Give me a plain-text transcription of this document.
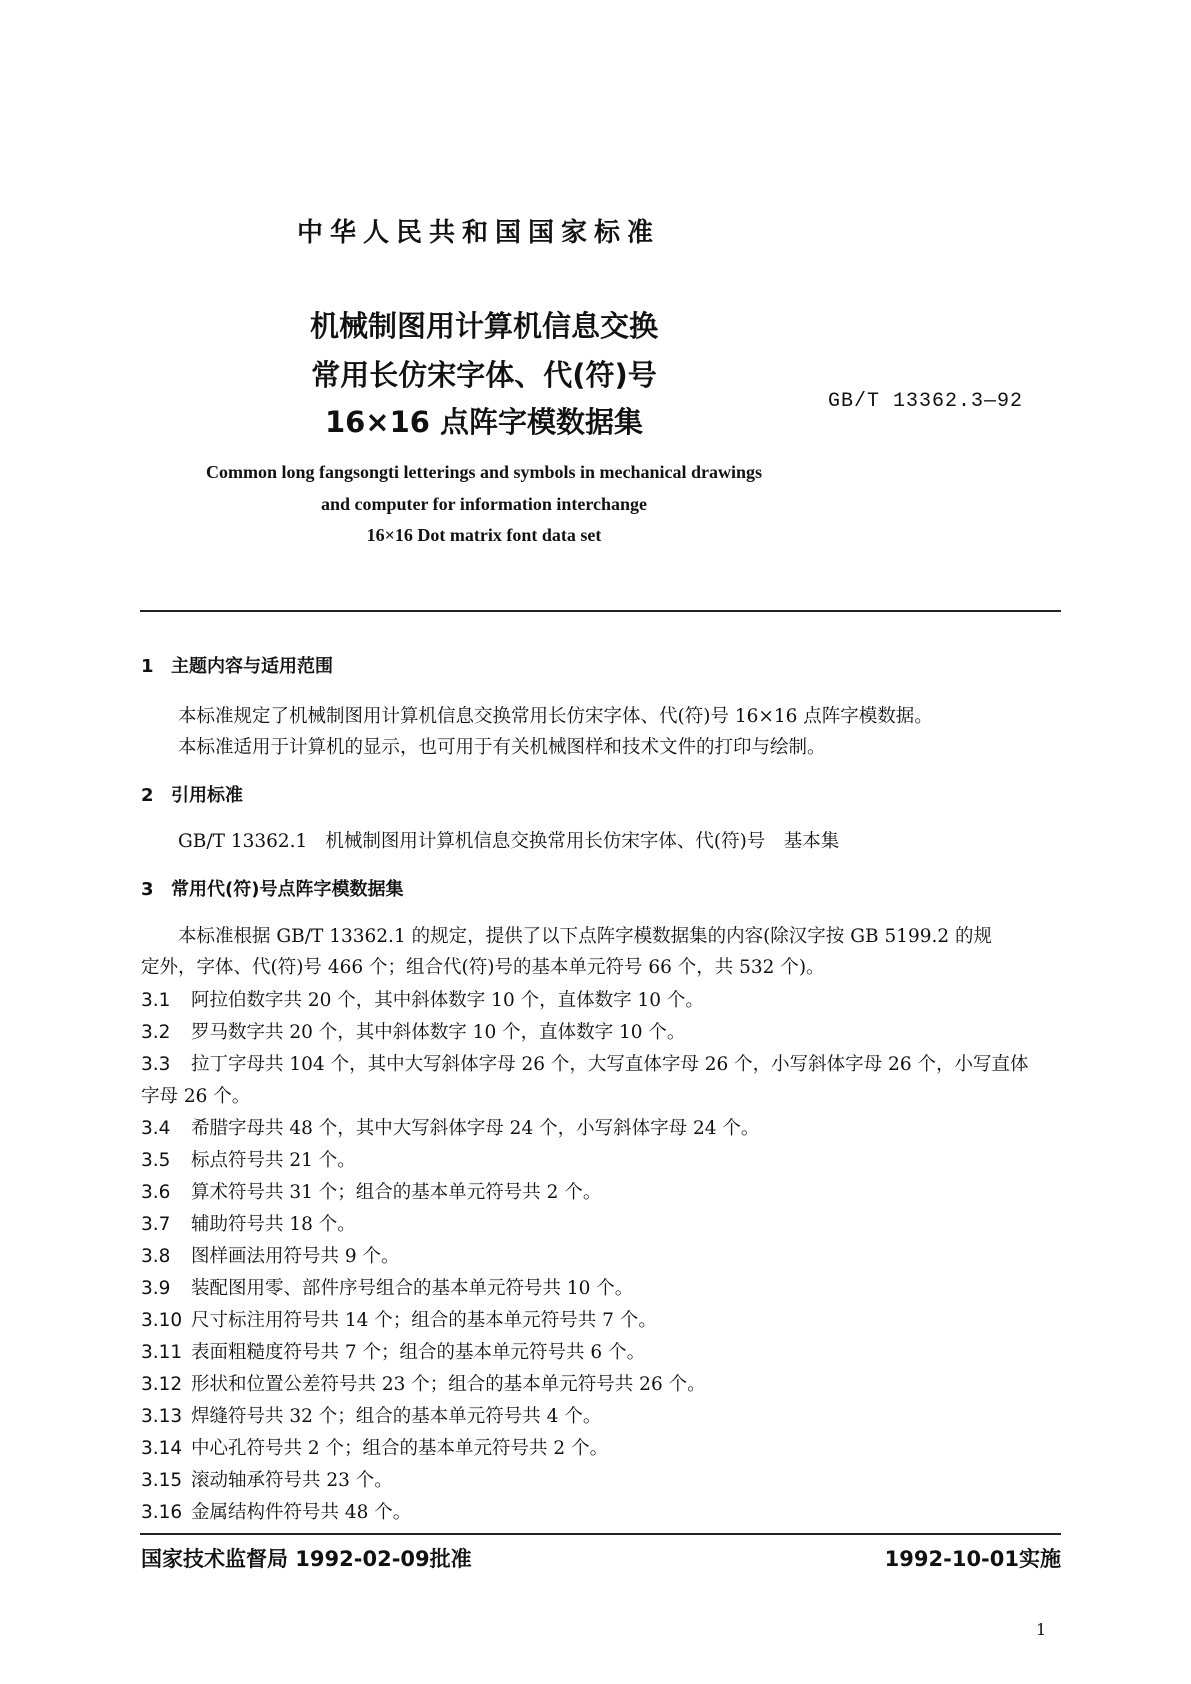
中华人民共和国国家标准
机械制图用计算机信息交换
常用长仿宋字体、代(符)号
16×16 点阵字模数据集
GB/T 13362.3—92
Common long fangsongti letterings and symbols in mechanical drawings
and computer for information interchange
16×16 Dot matrix font data set
1 主题内容与适用范围
本标准规定了机械制图用计算机信息交换常用长仿宋字体、代(符)号 16×16 点阵字模数据。
本标准适用于计算机的显示，也可用于有关机械图样和技术文件的打印与绘制。
2 引用标准
GB/T 13362.1 机械制图用计算机信息交换常用长仿宋字体、代(符)号　基本集
3 常用代(符)号点阵字模数据集
本标准根据 GB/T 13362.1 的规定，提供了以下点阵字模数据集的内容(除汉字按 GB 5199.2 的规
定外，字体、代(符)号 466 个；组合代(符)号的基本单元符号 66 个，共 532 个)。
3.1 阿拉伯数字共 20 个，其中斜体数字 10 个，直体数字 10 个。
3.2 罗马数字共 20 个，其中斜体数字 10 个，直体数字 10 个。
3.3 拉丁字母共 104 个，其中大写斜体字母 26 个，大写直体字母 26 个，小写斜体字母 26 个，小写直体
字母 26 个。
3.4 希腊字母共 48 个，其中大写斜体字母 24 个，小写斜体字母 24 个。
3.5 标点符号共 21 个。
3.6 算术符号共 31 个；组合的基本单元符号共 2 个。
3.7 辅助符号共 18 个。
3.8 图样画法用符号共 9 个。
3.9 装配图用零、部件序号组合的基本单元符号共 10 个。
3.10 尺寸标注用符号共 14 个；组合的基本单元符号共 7 个。
3.11 表面粗糙度符号共 7 个；组合的基本单元符号共 6 个。
3.12 形状和位置公差符号共 23 个；组合的基本单元符号共 26 个。
3.13 焊缝符号共 32 个；组合的基本单元符号共 4 个。
3.14 中心孔符号共 2 个；组合的基本单元符号共 2 个。
3.15 滚动轴承符号共 23 个。
3.16 金属结构件符号共 48 个。
国家技术监督局 1992-02-09批准	1992-10-01实施
1
